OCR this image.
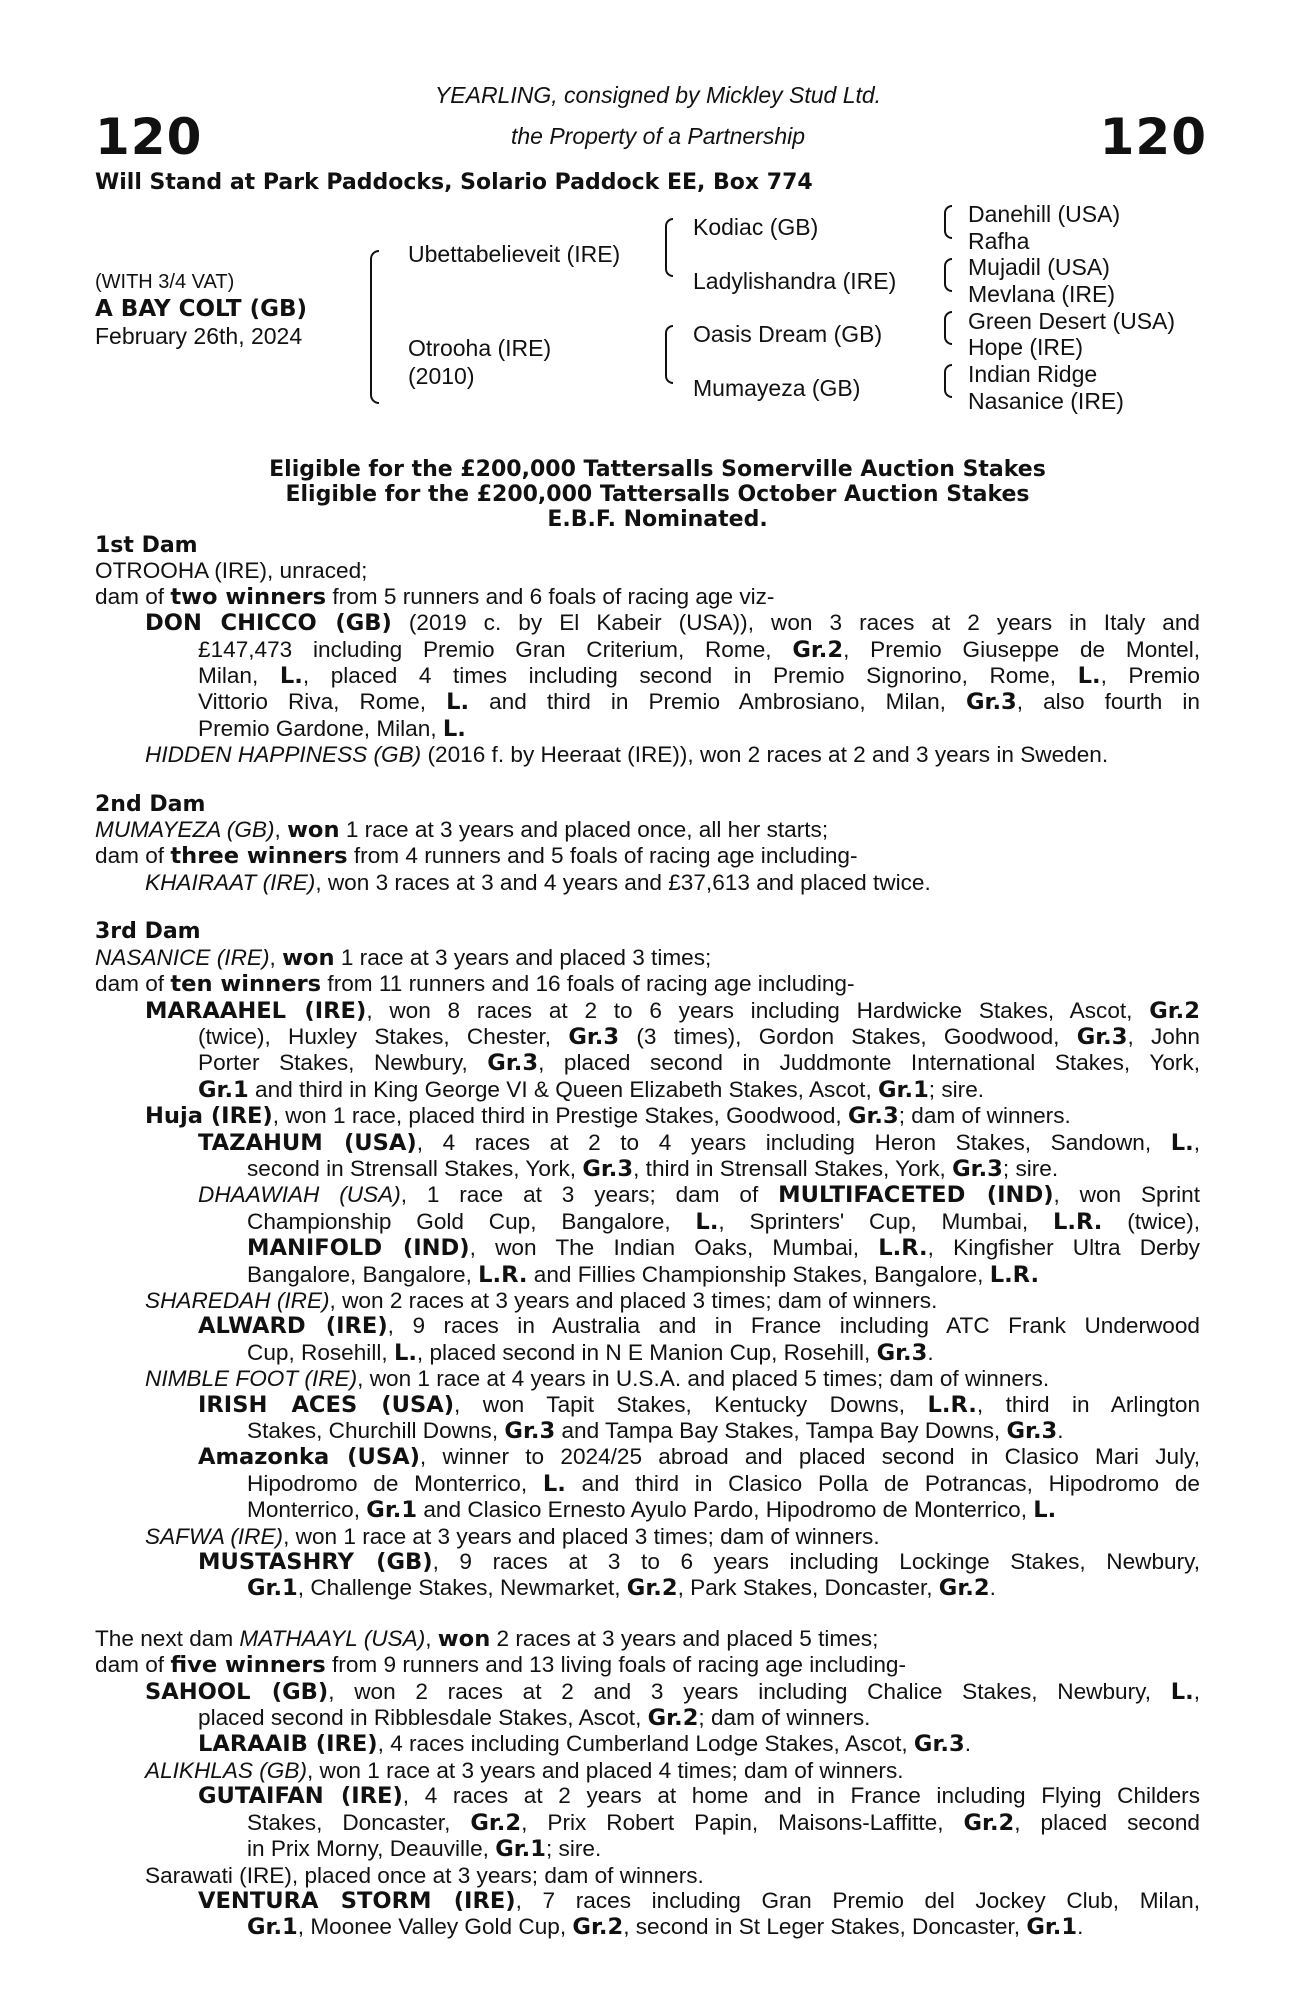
120	120
YEARLING, consigned by Mickley Stud Ltd.
the Property of a Partnership
Will Stand at Park Paddocks, Solario Paddock EE, Box 774
(WITH 3/4 VAT)
A BAY COLT (GB)
February 26th, 2024
Ubettabelieveit (IRE)
Otrooha (IRE)
(2010)
Kodiac (GB)
Ladylishandra (IRE)
Oasis Dream (GB)
Mumayeza (GB)
Danehill (USA)
Rafha
Mujadil (USA)
Mevlana (IRE)
Green Desert (USA)
Hope (IRE)
Indian Ridge
Nasanice (IRE)
Eligible for the £200,000 Tattersalls Somerville Auction Stakes
Eligible for the £200,000 Tattersalls October Auction Stakes
E.B.F. Nominated.
1st Dam
OTROOHA (IRE), unraced;
dam of two winners from 5 runners and 6 foals of racing age viz-
DON CHICCO (GB) (2019 c. by El Kabeir (USA)), won 3 races at 2 years in Italy and
£147,473 including Premio Gran Criterium, Rome, Gr.2, Premio Giuseppe de Montel,
Milan, L., placed 4 times including second in Premio Signorino, Rome, L., Premio
Vittorio Riva, Rome, L. and third in Premio Ambrosiano, Milan, Gr.3, also fourth in
Premio Gardone, Milan, L.
HIDDEN HAPPINESS (GB) (2016 f. by Heeraat (IRE)), won 2 races at 2 and 3 years in Sweden.
2nd Dam
MUMAYEZA (GB), won 1 race at 3 years and placed once, all her starts;
dam of three winners from 4 runners and 5 foals of racing age including-
KHAIRAAT (IRE), won 3 races at 3 and 4 years and £37,613 and placed twice.
3rd Dam
NASANICE (IRE), won 1 race at 3 years and placed 3 times;
dam of ten winners from 11 runners and 16 foals of racing age including-
MARAAHEL (IRE), won 8 races at 2 to 6 years including Hardwicke Stakes, Ascot, Gr.2
(twice), Huxley Stakes, Chester, Gr.3 (3 times), Gordon Stakes, Goodwood, Gr.3, John
Porter Stakes, Newbury, Gr.3, placed second in Juddmonte International Stakes, York,
Gr.1 and third in King George VI & Queen Elizabeth Stakes, Ascot, Gr.1; sire.
Huja (IRE), won 1 race, placed third in Prestige Stakes, Goodwood, Gr.3; dam of winners.
TAZAHUM (USA), 4 races at 2 to 4 years including Heron Stakes, Sandown, L.,
second in Strensall Stakes, York, Gr.3, third in Strensall Stakes, York, Gr.3; sire.
DHAAWIAH (USA), 1 race at 3 years; dam of MULTIFACETED (IND), won Sprint
Championship Gold Cup, Bangalore, L., Sprinters' Cup, Mumbai, L.R. (twice),
MANIFOLD (IND), won The Indian Oaks, Mumbai, L.R., Kingfisher Ultra Derby
Bangalore, Bangalore, L.R. and Fillies Championship Stakes, Bangalore, L.R.
SHAREDAH (IRE), won 2 races at 3 years and placed 3 times; dam of winners.
ALWARD (IRE), 9 races in Australia and in France including ATC Frank Underwood
Cup, Rosehill, L., placed second in N E Manion Cup, Rosehill, Gr.3.
NIMBLE FOOT (IRE), won 1 race at 4 years in U.S.A. and placed 5 times; dam of winners.
IRISH ACES (USA), won Tapit Stakes, Kentucky Downs, L.R., third in Arlington
Stakes, Churchill Downs, Gr.3 and Tampa Bay Stakes, Tampa Bay Downs, Gr.3.
Amazonka (USA), winner to 2024/25 abroad and placed second in Clasico Mari July,
Hipodromo de Monterrico, L. and third in Clasico Polla de Potrancas, Hipodromo de
Monterrico, Gr.1 and Clasico Ernesto Ayulo Pardo, Hipodromo de Monterrico, L.
SAFWA (IRE), won 1 race at 3 years and placed 3 times; dam of winners.
MUSTASHRY (GB), 9 races at 3 to 6 years including Lockinge Stakes, Newbury,
Gr.1, Challenge Stakes, Newmarket, Gr.2, Park Stakes, Doncaster, Gr.2.
The next dam MATHAAYL (USA), won 2 races at 3 years and placed 5 times;
dam of five winners from 9 runners and 13 living foals of racing age including-
SAHOOL (GB), won 2 races at 2 and 3 years including Chalice Stakes, Newbury, L.,
placed second in Ribblesdale Stakes, Ascot, Gr.2; dam of winners.
LARAAIB (IRE), 4 races including Cumberland Lodge Stakes, Ascot, Gr.3.
ALIKHLAS (GB), won 1 race at 3 years and placed 4 times; dam of winners.
GUTAIFAN (IRE), 4 races at 2 years at home and in France including Flying Childers
Stakes, Doncaster, Gr.2, Prix Robert Papin, Maisons-Laffitte, Gr.2, placed second
in Prix Morny, Deauville, Gr.1; sire.
Sarawati (IRE), placed once at 3 years; dam of winners.
VENTURA STORM (IRE), 7 races including Gran Premio del Jockey Club, Milan,
Gr.1, Moonee Valley Gold Cup, Gr.2, second in St Leger Stakes, Doncaster, Gr.1.
